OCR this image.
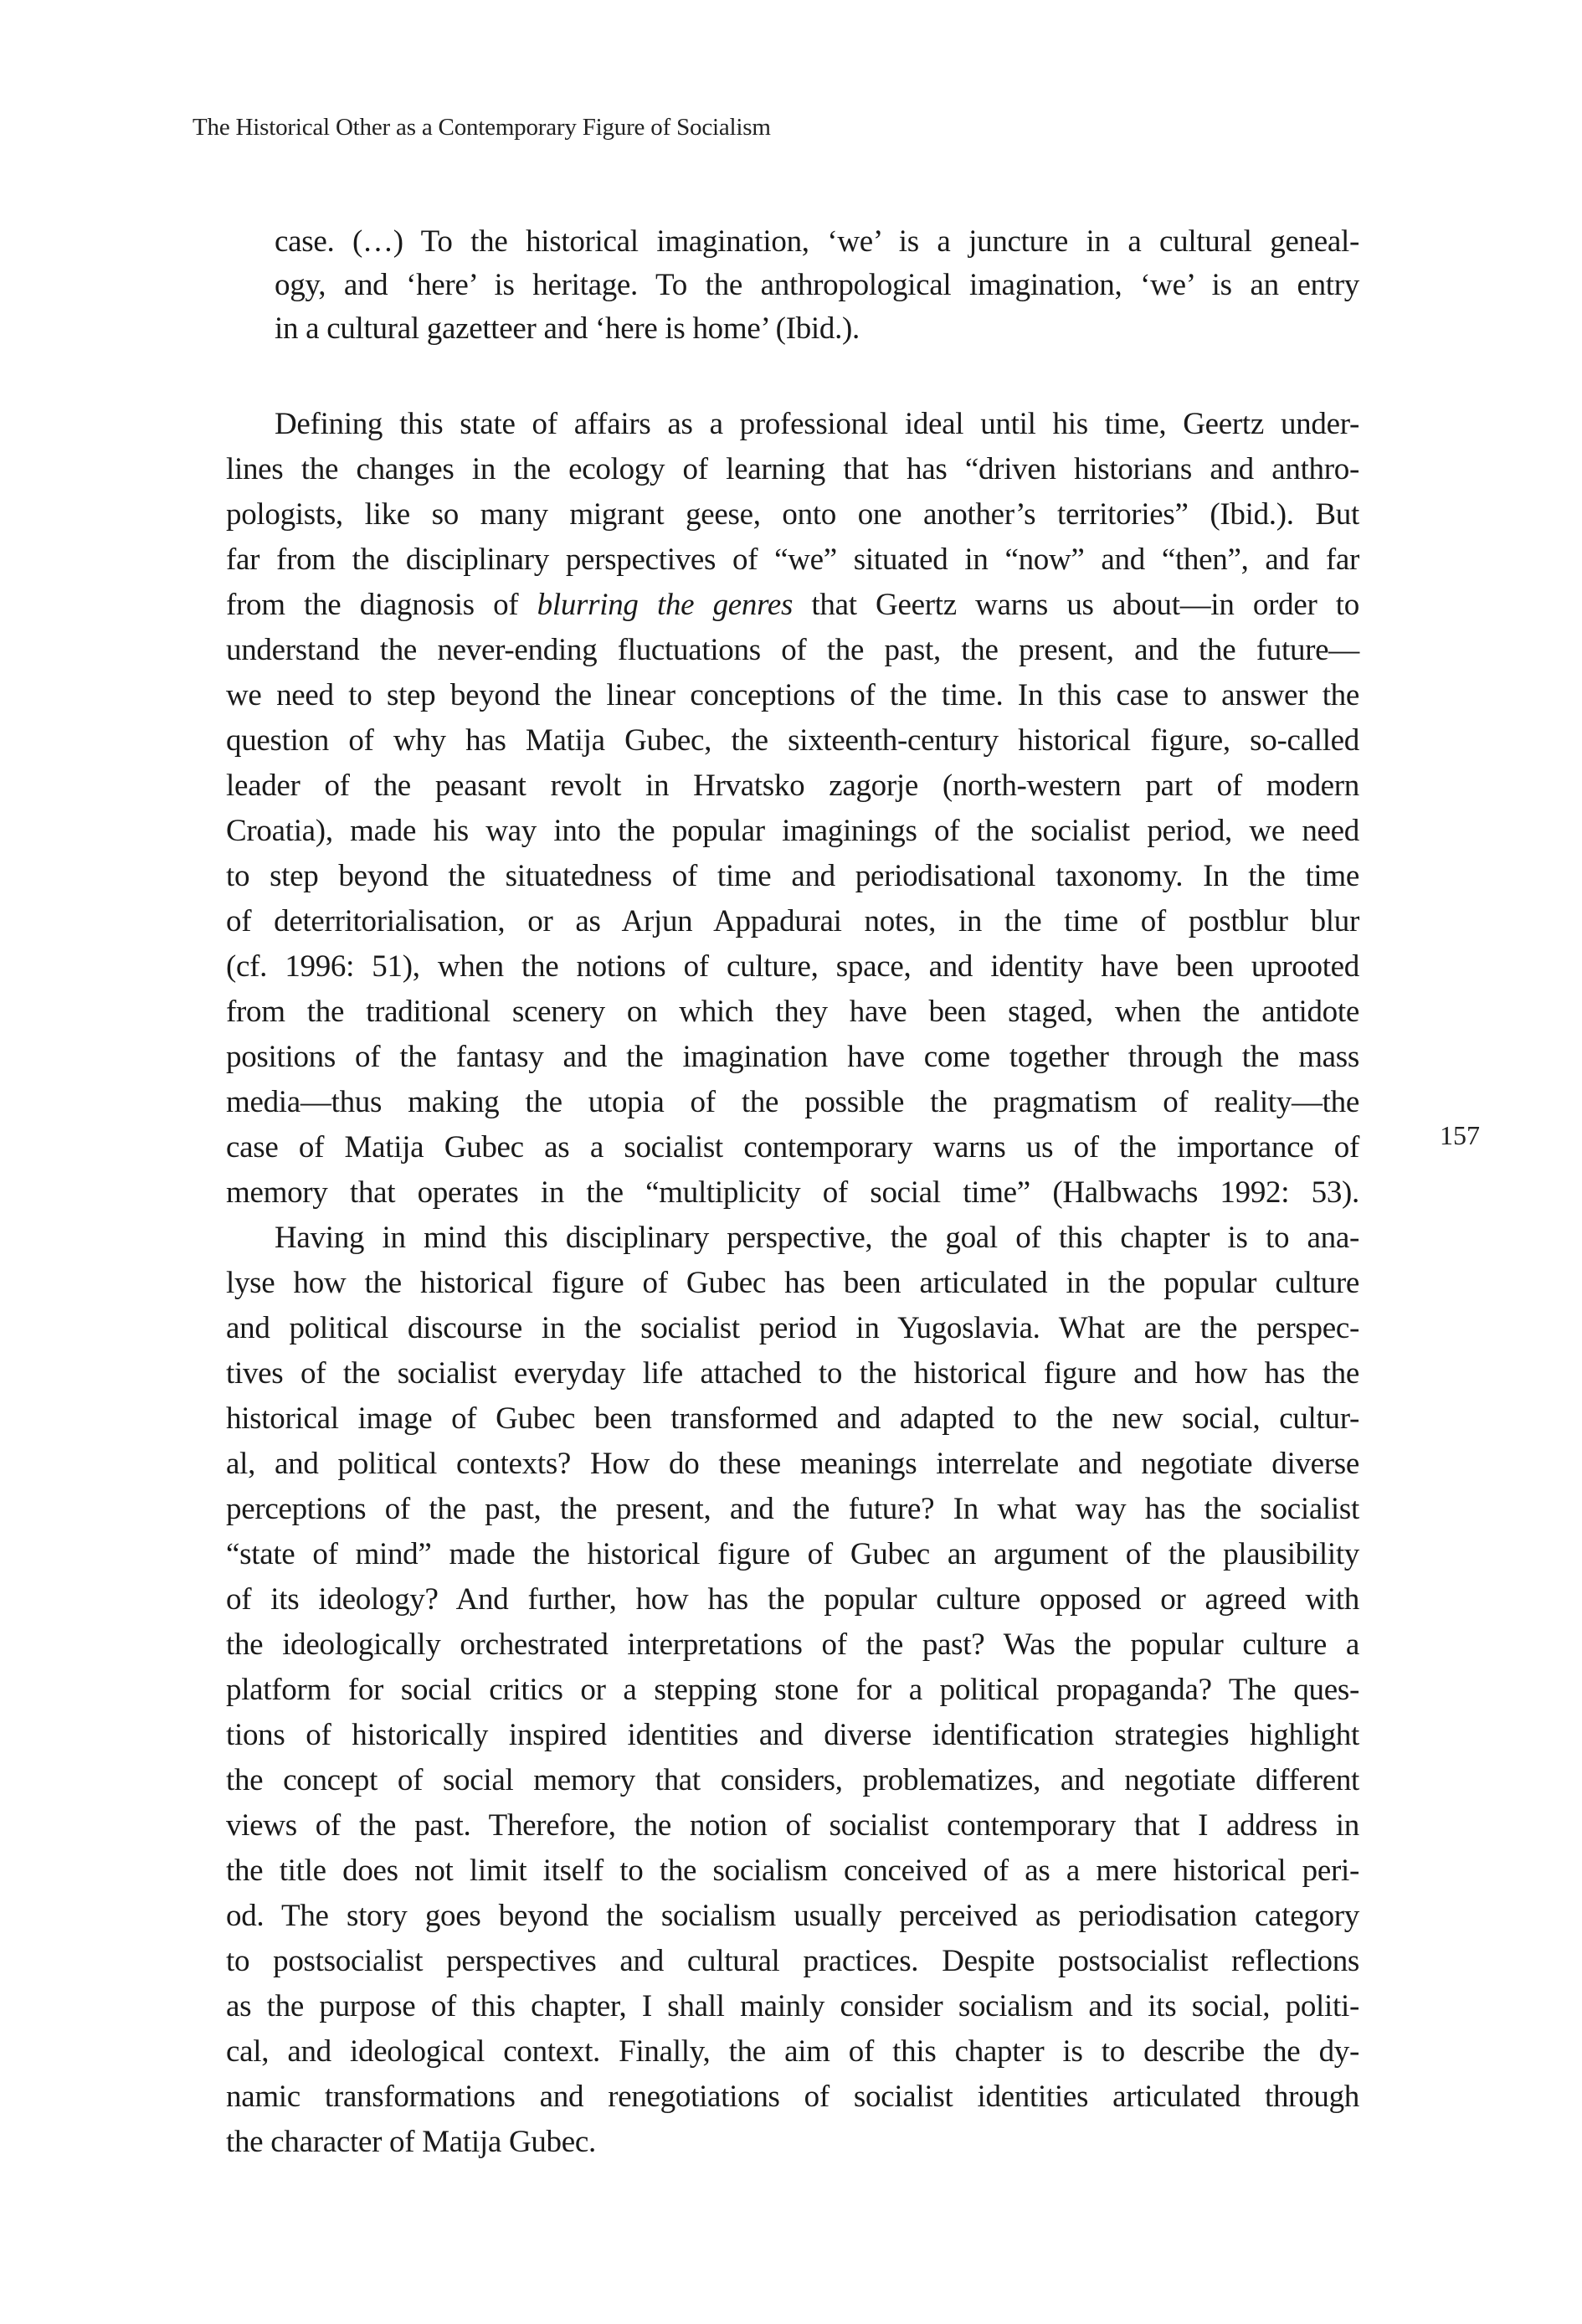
The Historical Other as a Contemporary Figure of Socialism
case. (…) To the historical imagination, ‘we’ is a juncture in a cultural geneal-
ogy, and ‘here’ is heritage. To the anthropological imagination, ‘we’ is an entry
in a cultural gazetteer and ‘here is home’ (Ibid.).
Defining this state of affairs as a professional ideal until his time, Geertz under-
lines the changes in the ecology of learning that has “driven historians and anthro-
pologists, like so many migrant geese, onto one another’s territories” (Ibid.). But
far from the disciplinary perspectives of “we” situated in “now” and “then”, and far
from the diagnosis of blurring the genres that Geertz warns us about—in order to
understand the never-ending fluctuations of the past, the present, and the future—
we need to step beyond the linear conceptions of the time. In this case to answer the
question of why has Matija Gubec, the sixteenth-century historical figure, so-called
leader of the peasant revolt in Hrvatsko zagorje (north-western part of modern
Croatia), made his way into the popular imaginings of the socialist period, we need
to step beyond the situatedness of time and periodisational taxonomy. In the time
of deterritorialisation, or as Arjun Appadurai notes, in the time of postblur blur
(cf. 1996: 51), when the notions of culture, space, and identity have been uprooted
from the traditional scenery on which they have been staged, when the antidote
positions of the fantasy and the imagination have come together through the mass
media—thus making the utopia of the possible the pragmatism of reality—the
case of Matija Gubec as a socialist contemporary warns us of the importance of
memory that operates in the “multiplicity of social time” (Halbwachs 1992: 53).
Having in mind this disciplinary perspective, the goal of this chapter is to ana-
lyse how the historical figure of Gubec has been articulated in the popular culture
and political discourse in the socialist period in Yugoslavia. What are the perspec-
tives of the socialist everyday life attached to the historical figure and how has the
historical image of Gubec been transformed and adapted to the new social, cultur-
al, and political contexts? How do these meanings interrelate and negotiate diverse
perceptions of the past, the present, and the future? In what way has the socialist
“state of mind” made the historical figure of Gubec an argument of the plausibility
of its ideology? And further, how has the popular culture opposed or agreed with
the ideologically orchestrated interpretations of the past? Was the popular culture a
platform for social critics or a stepping stone for a political propaganda? The ques-
tions of historically inspired identities and diverse identification strategies highlight
the concept of social memory that considers, problematizes, and negotiate different
views of the past. Therefore, the notion of socialist contemporary that I address in
the title does not limit itself to the socialism conceived of as a mere historical peri-
od. The story goes beyond the socialism usually perceived as periodisation category
to postsocialist perspectives and cultural practices. Despite postsocialist reflections
as the purpose of this chapter, I shall mainly consider socialism and its social, politi-
cal, and ideological context. Finally, the aim of this chapter is to describe the dy-
namic transformations and renegotiations of socialist identities articulated through
the character of Matija Gubec.
157
